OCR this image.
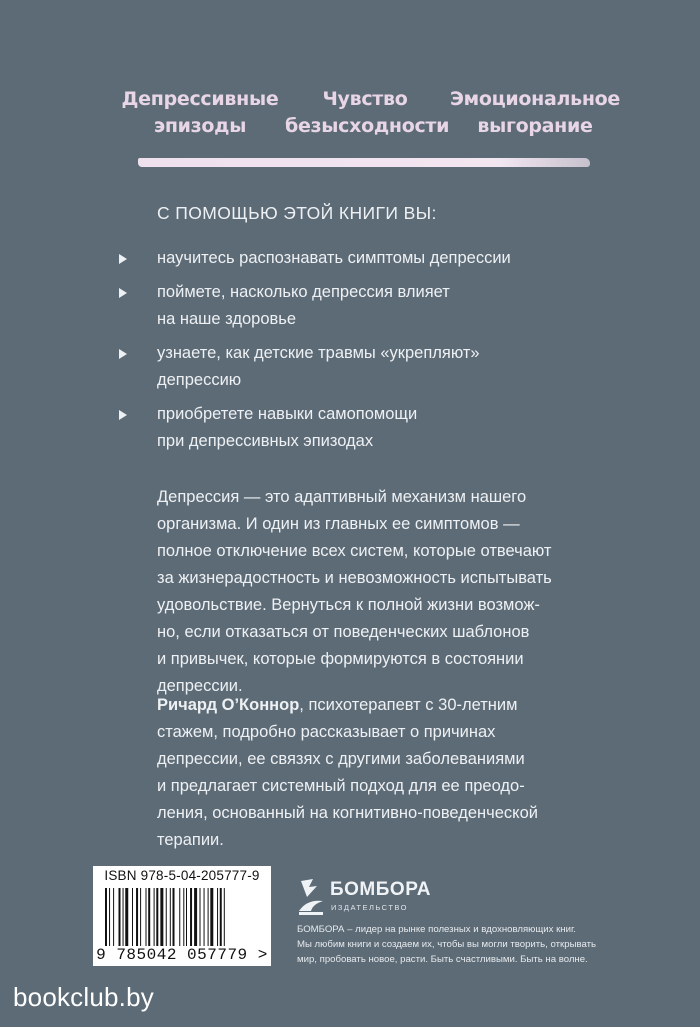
Депрессивные
эпизоды
Чувство
безысходности
Эмоциональное
выгорание
С ПОМОЩЬЮ ЭТОЙ КНИГИ ВЫ:
научитесь распознавать симптомы депрессии
поймете, насколько депрессия влияет
на наше здоровье
узнаете, как детские травмы «укрепляют»
депрессию
приобретете навыки самопомощи
при депрессивных эпизодах
Депрессия — это адаптивный механизм нашего
организма. И один из главных ее симптомов —
полное отключение всех систем, которые отвечают
за жизнерадостность и невозможность испытывать
удовольствие. Вернуться к полной жизни возмож-
но, если отказаться от поведенческих шаблонов
и привычек, которые формируются в состоянии
депрессии.
Ричард О’Коннор, психотерапевт с 30-летним
стажем, подробно рассказывает о причинах
депрессии, ее связях с другими заболеваниями
и предлагает системный подход для ее преодо-
ления, основанный на когнитивно-поведенческой
терапии.
ISBN 978-5-04-205777-9
9 785042 057779 >
БОМБОРА
ИЗДАТЕЛЬСТВО
БОМБОРА – лидер на рынке полезных и вдохновляющих книг.
Мы любим книги и создаем их, чтобы вы могли творить, открывать
мир, пробовать новое, расти. Быть счастливыми. Быть на волне.
bookclub.by
